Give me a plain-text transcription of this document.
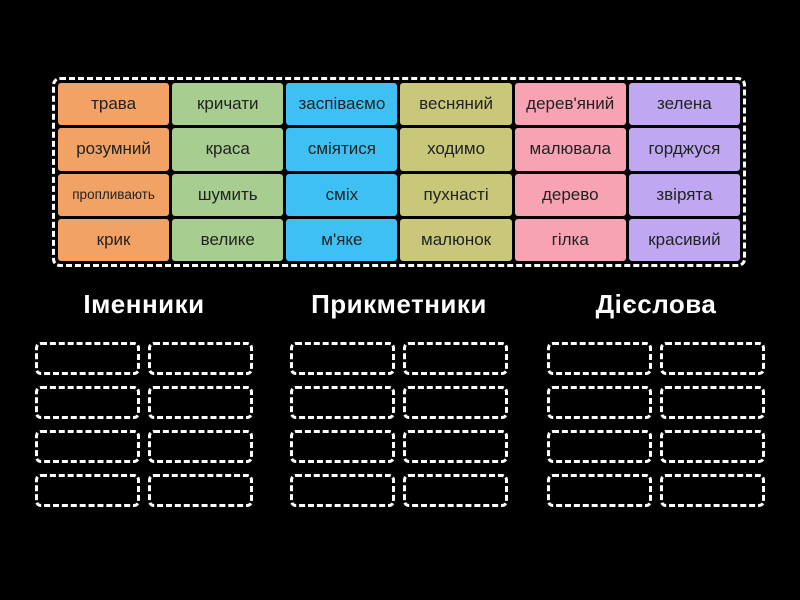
трава	кричати	заспіваємо	весняний	дерев'яний	зелена
розумний	краса	сміятися	ходимо	малювала	горджуся
пропливають	шумить	сміх	пухнасті	дерево	звірята
крик	велике	м'яке	малюнок	гілка	красивий
Іменники	Прикметники	Дієслова
